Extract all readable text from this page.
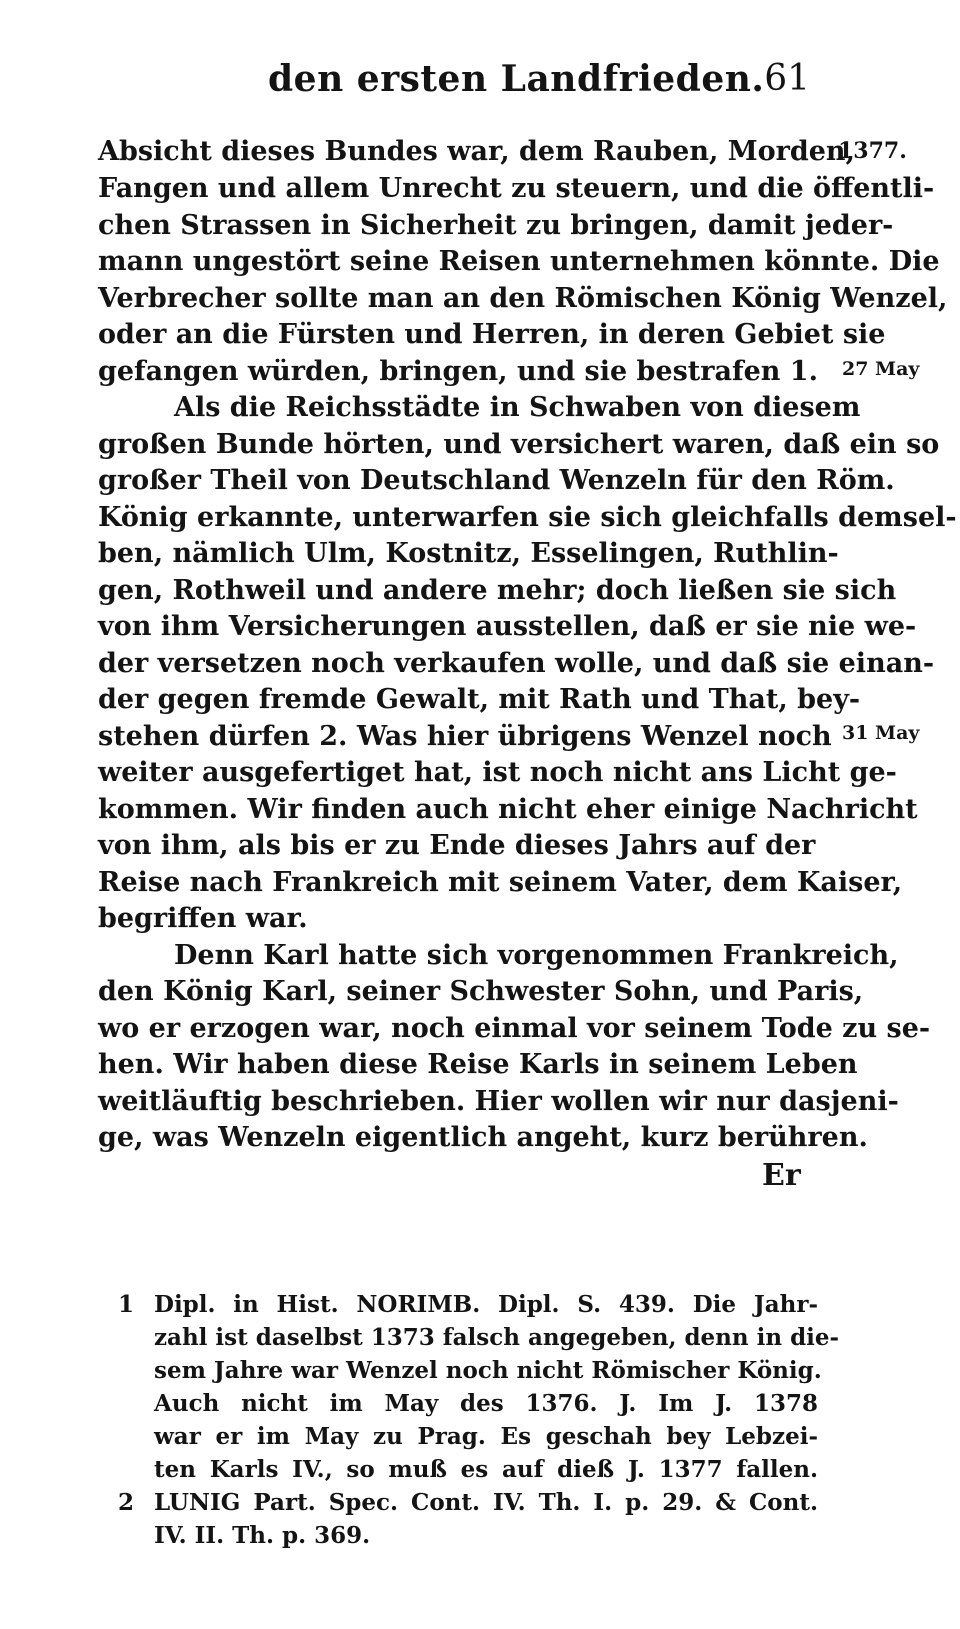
den ersten Landfrieden. 61
Absicht dieses Bundes war, dem Rauben, Morden,
Fangen und allem Unrecht zu steuern, und die öffentli-
chen Strassen in Sicherheit zu bringen, damit jeder-
mann ungestört seine Reisen unternehmen könnte. Die
Verbrecher sollte man an den Römischen König Wenzel,
oder an die Fürsten und Herren, in deren Gebiet sie
gefangen würden, bringen, und sie bestrafen 1.
Als die Reichsstädte in Schwaben von diesem
großen Bunde hörten, und versichert waren, daß ein so
großer Theil von Deutschland Wenzeln für den Röm.
König erkannte, unterwarfen sie sich gleichfalls demsel-
ben, nämlich Ulm, Kostnitz, Esselingen, Ruthlin-
gen, Rothweil und andere mehr; doch ließen sie sich
von ihm Versicherungen ausstellen, daß er sie nie we-
der versetzen noch verkaufen wolle, und daß sie einan-
der gegen fremde Gewalt, mit Rath und That, bey-
stehen dürfen 2. Was hier übrigens Wenzel noch
weiter ausgefertiget hat, ist noch nicht ans Licht ge-
kommen. Wir finden auch nicht eher einige Nachricht
von ihm, als bis er zu Ende dieses Jahrs auf der
Reise nach Frankreich mit seinem Vater, dem Kaiser,
begriffen war.
Denn Karl hatte sich vorgenommen Frankreich,
den König Karl, seiner Schwester Sohn, und Paris,
wo er erzogen war, noch einmal vor seinem Tode zu se-
hen. Wir haben diese Reise Karls in seinem Leben
weitläuftig beschrieben. Hier wollen wir nur dasjeni-
ge, was Wenzeln eigentlich angeht, kurz berühren.
Er
1377.
27 May
31 May
1 Dipl. in Hist. NORIMB. Dipl. S. 439. Die Jahr-
zahl ist daselbst 1373 falsch angegeben, denn in die-
sem Jahre war Wenzel noch nicht Römischer König.
Auch nicht im May des 1376. J. Im J. 1378
war er im May zu Prag. Es geschah bey Lebzei-
ten Karls IV., so muß es auf dieß J. 1377 fallen.
2 LUNIG Part. Spec. Cont. IV. Th. I. p. 29. & Cont.
IV. II. Th. p. 369.
